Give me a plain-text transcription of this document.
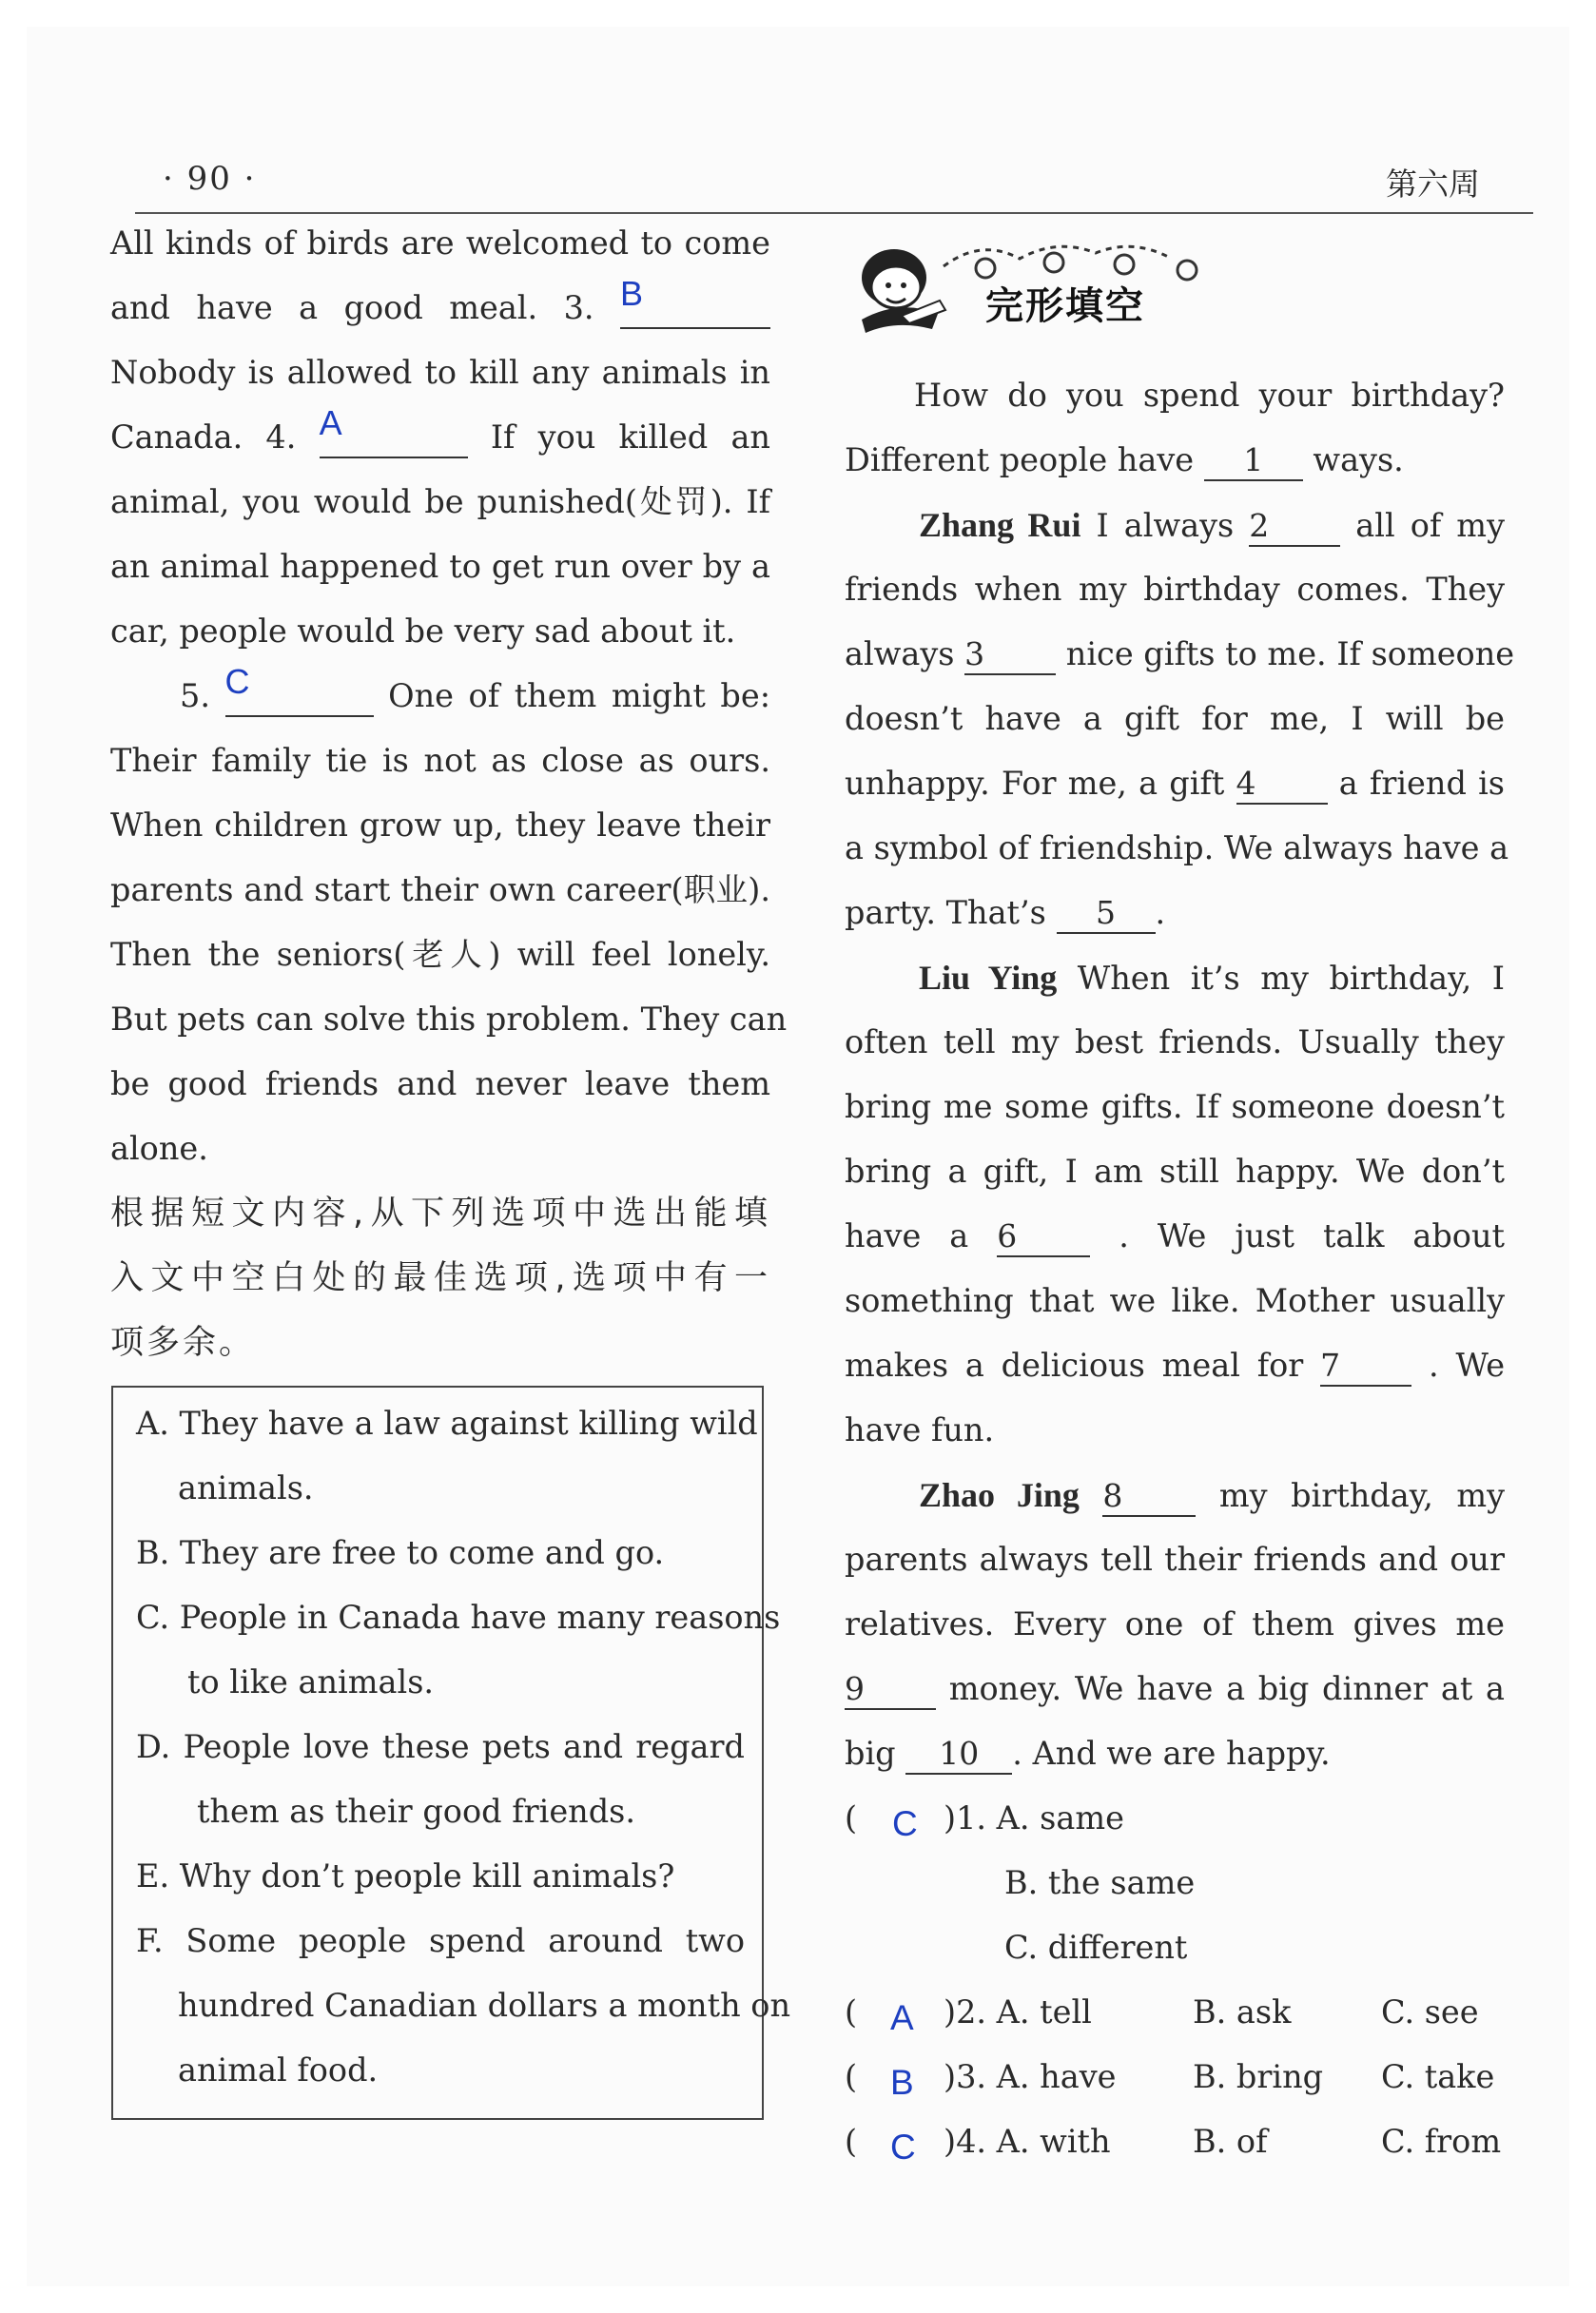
· 90 ·	第六周
All kinds of birds are welcomed to come
and have a good meal. 3. B
Nobody is allowed to kill any animals in
Canada. 4. A	If you killed an
animal, you would be punished(处罚). If
an animal happened to get run over by a
car, people would be very sad about it.
5. C	One of them might be:
Their family tie is not as close as ours.
When children grow up, they leave their
parents and start their own career(职业).
Then the seniors(老人) will feel lonely.
But pets can solve this problem. They can
be good friends and never leave them
alone.
根据短文内容,从下列选项中选出能填
入文中空白处的最佳选项,选项中有一
项多余。
A. They have a law against killing wild
animals.
B. They are free to come and go.
C. People in Canada have many reasons
to like animals.
D. People love these pets and regard
them as their good friends.
E. Why don’t people kill animals?
F. Some people spend around two
hundred Canadian dollars a month on
animal food.
完形填空
How do you spend your birthday?
Different people have 1 ways.
Zhang Rui I always 2	all of my
friends when my birthday comes. They
always 3	nice gifts to me. If someone
doesn’t have a gift for me, I will be
unhappy. For me, a gift 4	a friend is
a symbol of friendship. We always have a
party. That’s 5 .
Liu Ying When it’s my birthday, I
often tell my best friends. Usually they
bring me some gifts. If someone doesn’t
bring a gift, I am still happy. We don’t
have a 6	. We just talk about
something that we like. Mother usually
makes a delicious meal for 7	. We
have fun.
Zhao Jing 8	my birthday, my
parents always tell their friends and our
relatives. Every one of them gives me
9	money. We have a big dinner at a
big 10 . And we are happy.
( C )1. A. same
B. the same
C. different
( A )2. A. tell	B. ask	C. see
( B )3. A. have B. bring C. take
( C )4. A. with	B. of	C. from
